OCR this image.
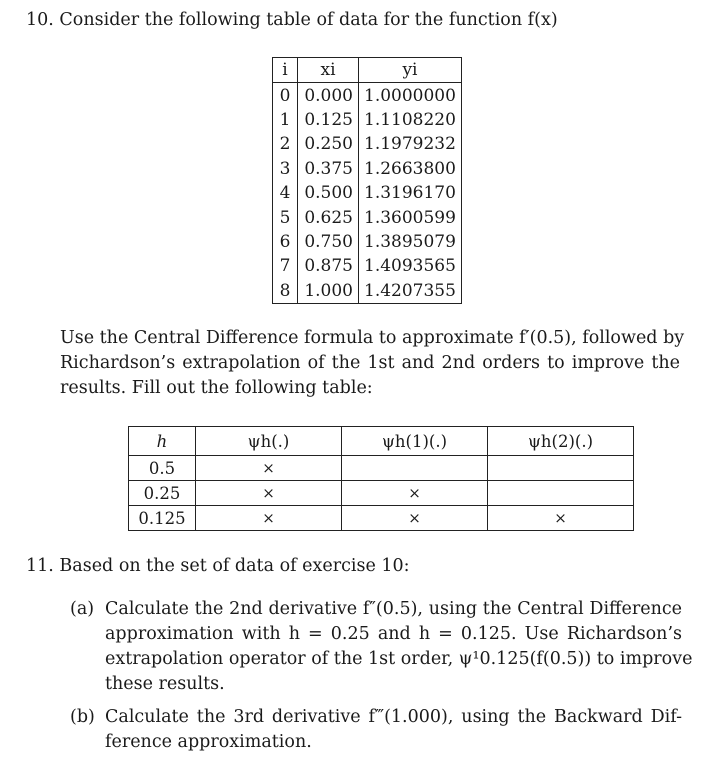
10. Consider the following table of data for the function f(x)
i	xi	yi
0	0.000	1.0000000
1	0.125	1.1108220
2	0.250	1.1979232
3	0.375	1.2663800
4	0.500	1.3196170
5	0.625	1.3600599
6	0.750	1.3895079
7	0.875	1.4093565
8	1.000	1.4207355
Use the Central Difference formula to approximate f′(0.5), followed by
Richardson’s extrapolation of the 1st and 2nd orders to improve the
results. Fill out the following table:
h	ψh(.)	ψh(1)(.)	ψh(2)(.)
0.5	×		
0.25	×	×	
0.125	×	×	×
11. Based on the set of data of exercise 10:
(a) Calculate the 2nd derivative f″(0.5), using the Central Difference
approximation with h = 0.25 and h = 0.125. Use Richardson’s
extrapolation operator of the 1st order, ψ¹0.125(f(0.5)) to improve
these results.
(b) Calculate the 3rd derivative f‴(1.000), using the Backward Dif-
ference approximation.
